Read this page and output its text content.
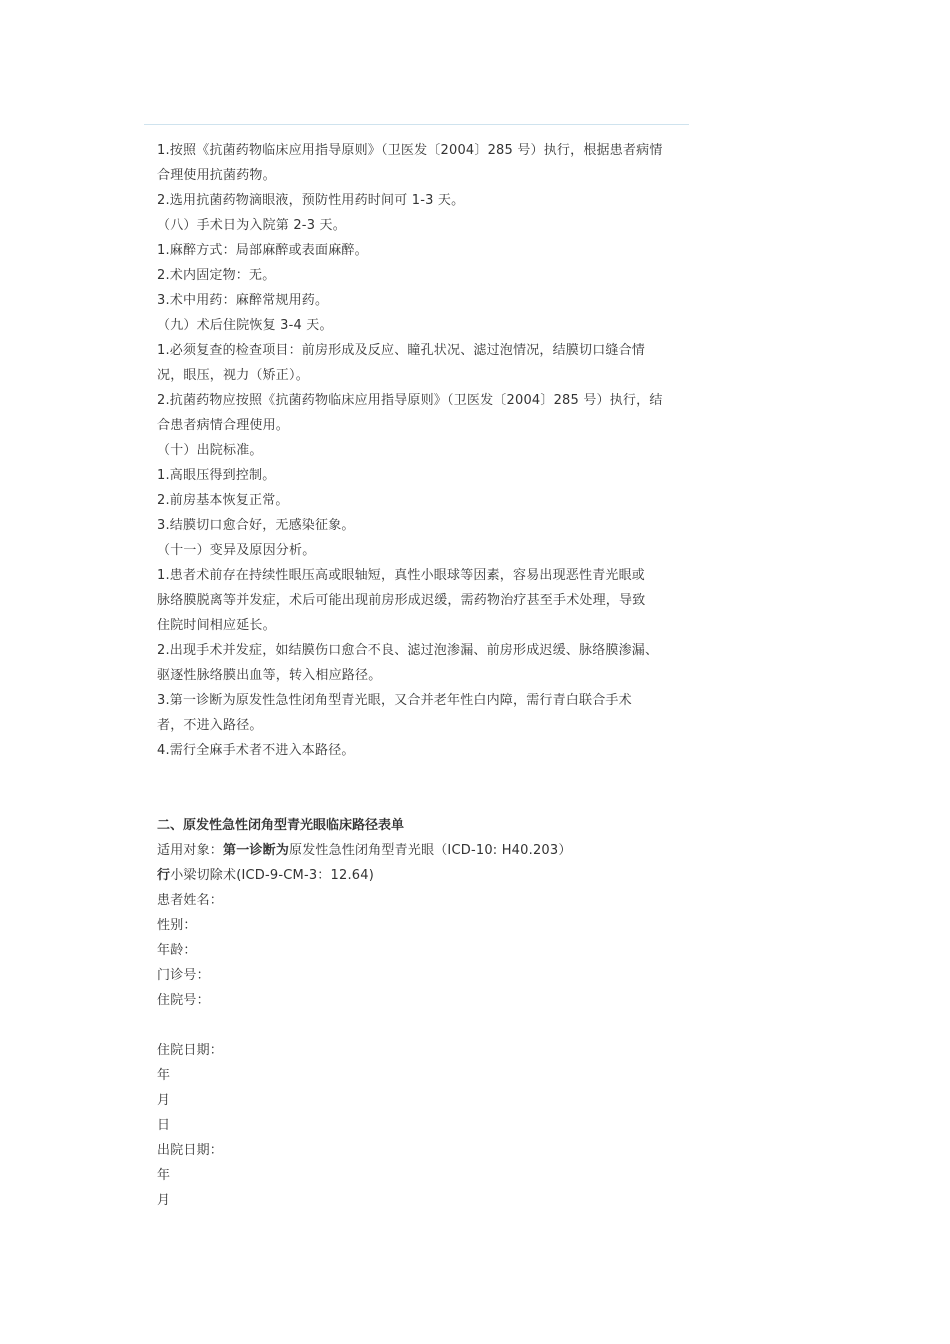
1.按照《抗菌药物临床应用指导原则》（卫医发〔2004〕285 号）执行，根据患者病情
合理使用抗菌药物。
2.选用抗菌药物滴眼液，预防性用药时间可 1-3 天。
（八）手术日为入院第 2-3 天。
1.麻醉方式：局部麻醉或表面麻醉。
2.术内固定物：无。
3.术中用药：麻醉常规用药。
（九）术后住院恢复 3-4 天。
1.必须复查的检查项目：前房形成及反应、瞳孔状况、滤过泡情况，结膜切口缝合情
况，眼压，视力（矫正）。
2.抗菌药物应按照《抗菌药物临床应用指导原则》（卫医发〔2004〕285 号）执行，结
合患者病情合理使用。
（十）出院标准。
1.高眼压得到控制。
2.前房基本恢复正常。
3.结膜切口愈合好，无感染征象。
（十一）变异及原因分析。
1.患者术前存在持续性眼压高或眼轴短，真性小眼球等因素，容易出现恶性青光眼或
脉络膜脱离等并发症，术后可能出现前房形成迟缓，需药物治疗甚至手术处理，导致
住院时间相应延长。
2.出现手术并发症，如结膜伤口愈合不良、滤过泡渗漏、前房形成迟缓、脉络膜渗漏、
驱逐性脉络膜出血等，转入相应路径。
3.第一诊断为原发性急性闭角型青光眼，又合并老年性白内障，需行青白联合手术
者，不进入路径。
4.需行全麻手术者不进入本路径。
二、原发性急性闭角型青光眼临床路径表单
适用对象：第一诊断为原发性急性闭角型青光眼（ICD-10: H40.203）
行小梁切除术(ICD-9-CM-3：12.64)
患者姓名：
性别：
年龄：
门诊号：
住院号：
住院日期：
年
月
日
出院日期：
年
月
